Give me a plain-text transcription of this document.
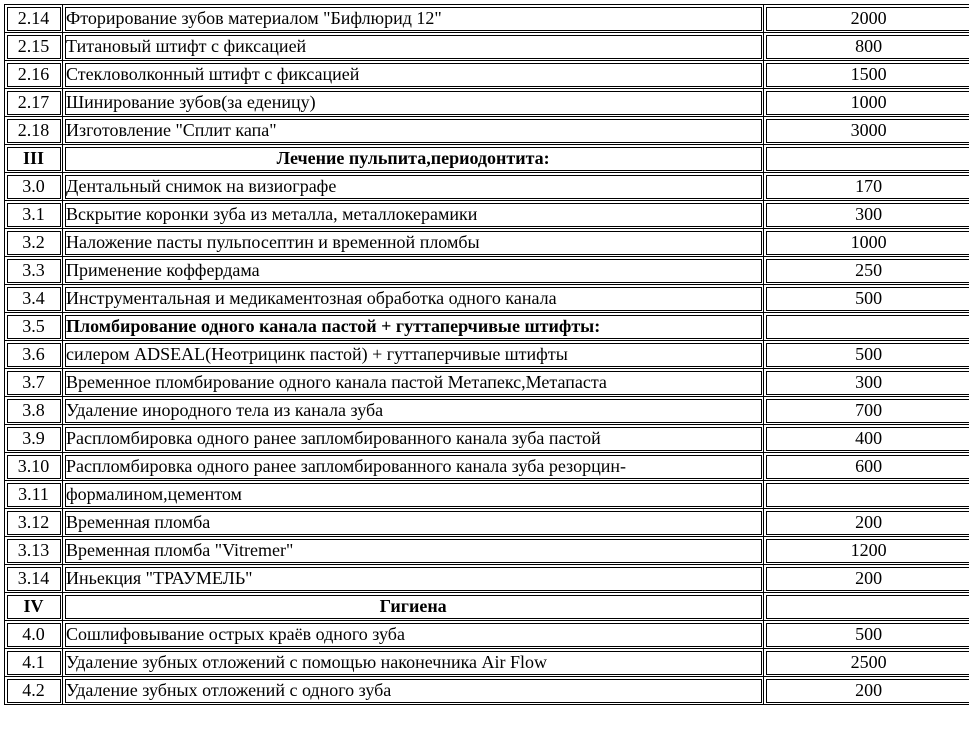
2.14	Фторирование зубов материалом "Бифлюрид 12"	2000
2.15	Титановый штифт с фиксацией	800
2.16	Стекловолконный штифт с фиксацией	1500
2.17	Шинирование зубов(за еденицу)	1000
2.18	Изготовление "Сплит капа"	3000
III	Лечение пульпита,периодонтита:	
3.0	Дентальный снимок на визиографе	170
3.1	Вскрытие коронки зуба из металла, металлокерамики	300
3.2	Наложение пасты пульпосептин и временной пломбы	1000
3.3	Применение коффердама	250
3.4	Инструментальная и медикаментозная обработка одного канала	500
3.5	Пломбирование одного канала пастой + гуттаперчивые штифты:	
3.6	силером ADSEAL(Неотрицинк пастой) + гуттаперчивые штифты	500
3.7	Временное пломбирование одного канала пастой Метапекс,Метапаста	300
3.8	Удаление инородного тела из канала зуба	700
3.9	Распломбировка одного ранее запломбированного канала зуба пастой	400
3.10	Распломбировка одного ранее запломбированного канала зуба резорцин-	600
3.11	формалином,цементом	
3.12	Временная пломба	200
3.13	Временная пломба "Vitremer"	1200
3.14	Иньекция "ТРАУМЕЛЬ"	200
IV	Гигиена	
4.0	Сошлифовывание острых краёв одного зуба	500
4.1	Удаление зубных отложений с помощью наконечника Air Flow	2500
4.2	Удаление зубных отложений с одного зуба	200
